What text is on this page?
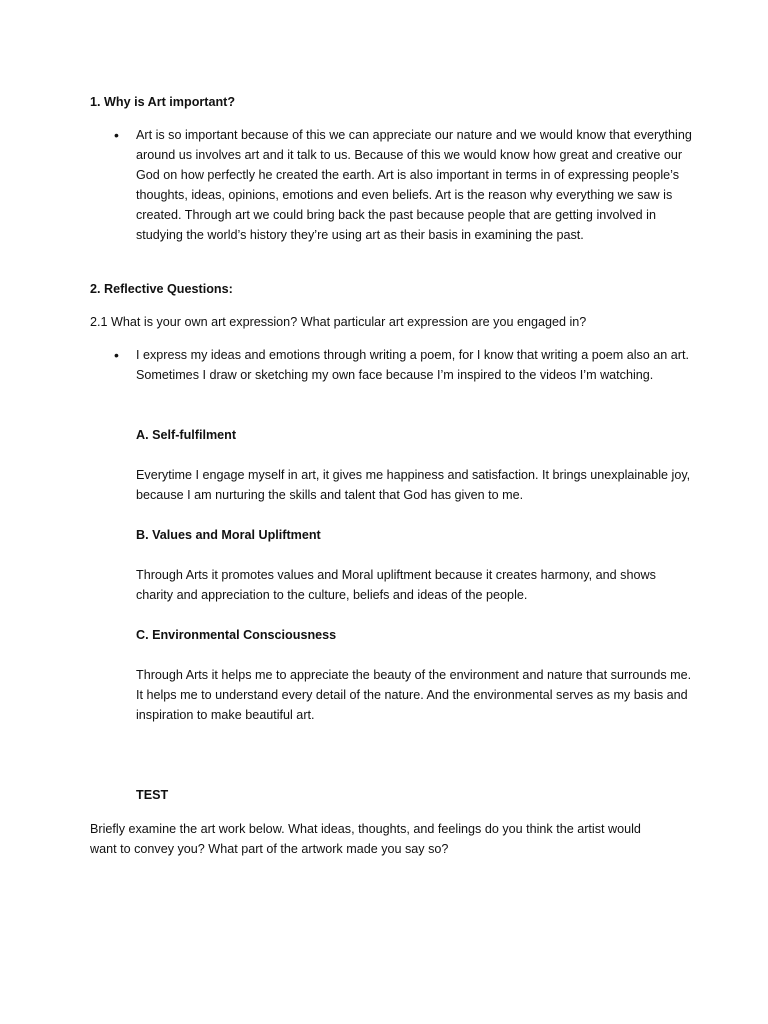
1. Why is Art important?

•	Art is so important because of this we can appreciate our nature and we would know that everything around us involves art and it talk to us. Because of this we would know how great and creative our God on how perfectly he created the earth. Art is also important in terms in of expressing people’s thoughts, ideas, opinions, emotions and even beliefs. Art is the reason why everything we saw is created. Through art we could bring back the past because people that are getting involved in studying the world’s history they’re using art as their basis in examining the past.

2. Reflective Questions:

2.1 What is your own art expression? What particular art expression are you engaged in?

•	I express my ideas and emotions through writing a poem, for I know that writing a poem also an art. Sometimes I draw or sketching my own face because I’m inspired to the videos I’m watching.

A. Self-fulfilment

Everytime I engage myself in art, it gives me happiness and satisfaction. It brings unexplainable joy, because I am nurturing the skills and talent that God has given to me.

B. Values and Moral Upliftment

Through Arts it promotes values and Moral upliftment because it creates harmony, and shows charity and appreciation to the culture, beliefs and ideas of the people.

C. Environmental Consciousness

Through Arts it helps me to appreciate the beauty of the environment and nature that surrounds me. It helps me to understand every detail of the nature. And the environmental serves as my basis and inspiration to make beautiful art.

TEST

Briefly examine the art work below. What ideas, thoughts, and feelings do you think the artist would want to convey you? What part of the artwork made you say so?
